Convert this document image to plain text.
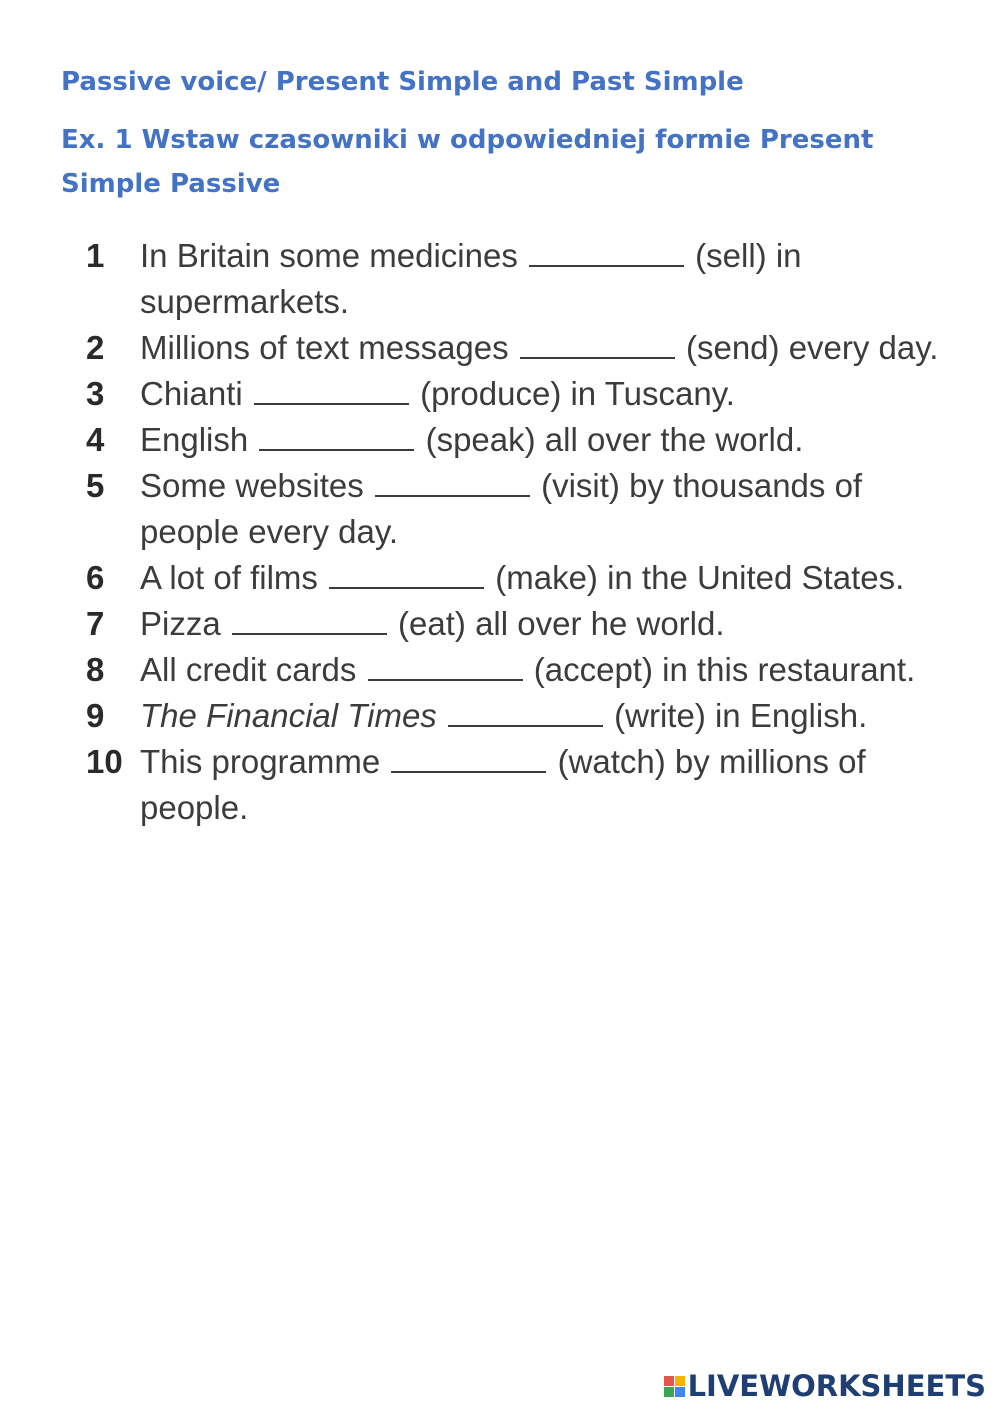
Passive voice/ Present Simple and Past Simple
Ex. 1 Wstaw czasowniki w odpowiedniej formie Present Simple Passive
1	In Britain some medicines	(sell) in supermarkets.
2	Millions of text messages	(send) every day.
3	Chianti	(produce) in Tuscany.
4	English	(speak) all over the world.
5	Some websites	(visit) by thousands of people every day.
6	A lot of films	(make) in the United States.
7	Pizza	(eat) all over he world.
8	All credit cards	(accept) in this restaurant.
9	The Financial Times	(write) in English.
10 This programme	(watch) by millions of people.
LIVEWORKSHEETS
